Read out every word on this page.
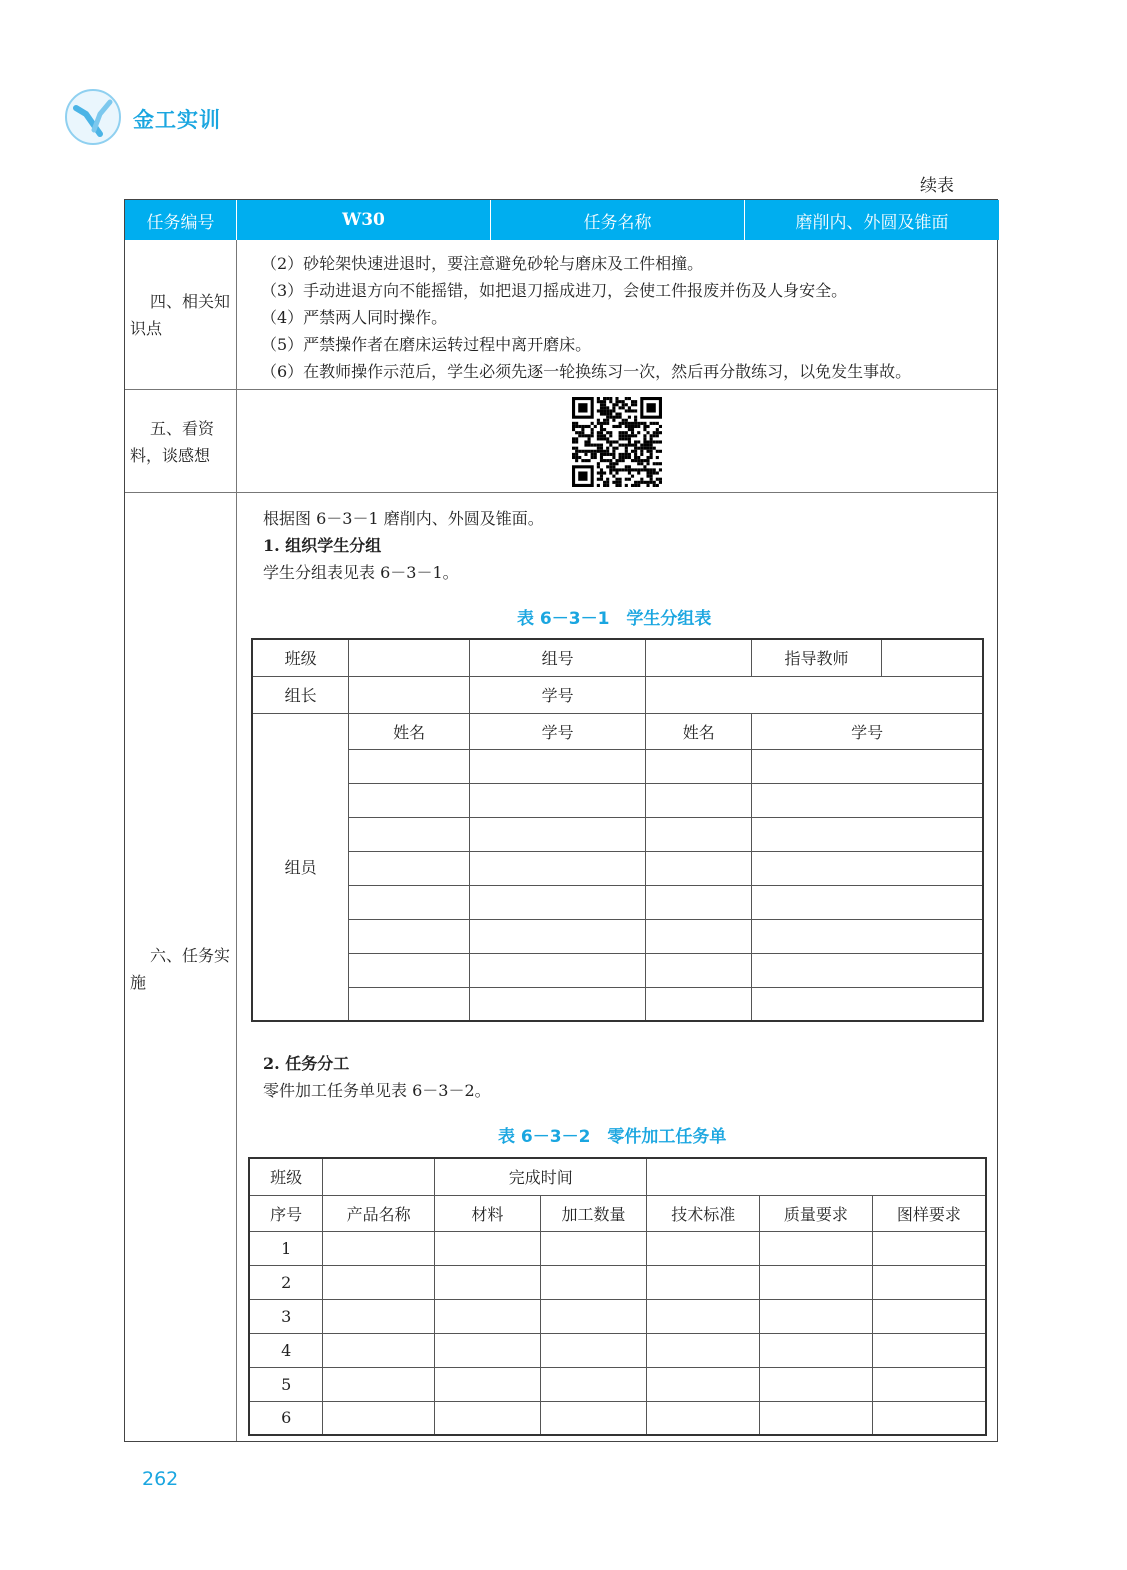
金工实训
续表
任务编号	W30	任务名称	磨削内、外圆及锥面
四、相关知识点
（2）砂轮架快速进退时，要注意避免砂轮与磨床及工件相撞。
（3）手动进退方向不能摇错，如把退刀摇成进刀，会使工件报废并伤及人身安全。
（4）严禁两人同时操作。
（5）严禁操作者在磨床运转过程中离开磨床。
（6）在教师操作示范后，学生必须先逐一轮换练习一次，然后再分散练习，以免发生事故。
五、看资料，谈感想
六、任务实施
根据图 6－3－1 磨削内、外圆及锥面。
1. 组织学生分组
学生分组表见表 6－3－1。
表 6－3－1　学生分组表
班级		组号		指导教师	
组长		学号			
组员	姓名	学号	姓名	学号	

2. 任务分工
零件加工任务单见表 6－3－2。
表 6－3－2　零件加工任务单
班级		完成时间				
序号	产品名称	材料	加工数量	技术标准	质量要求	图样要求
1						
2						
3						
4						
5						
6						
262
